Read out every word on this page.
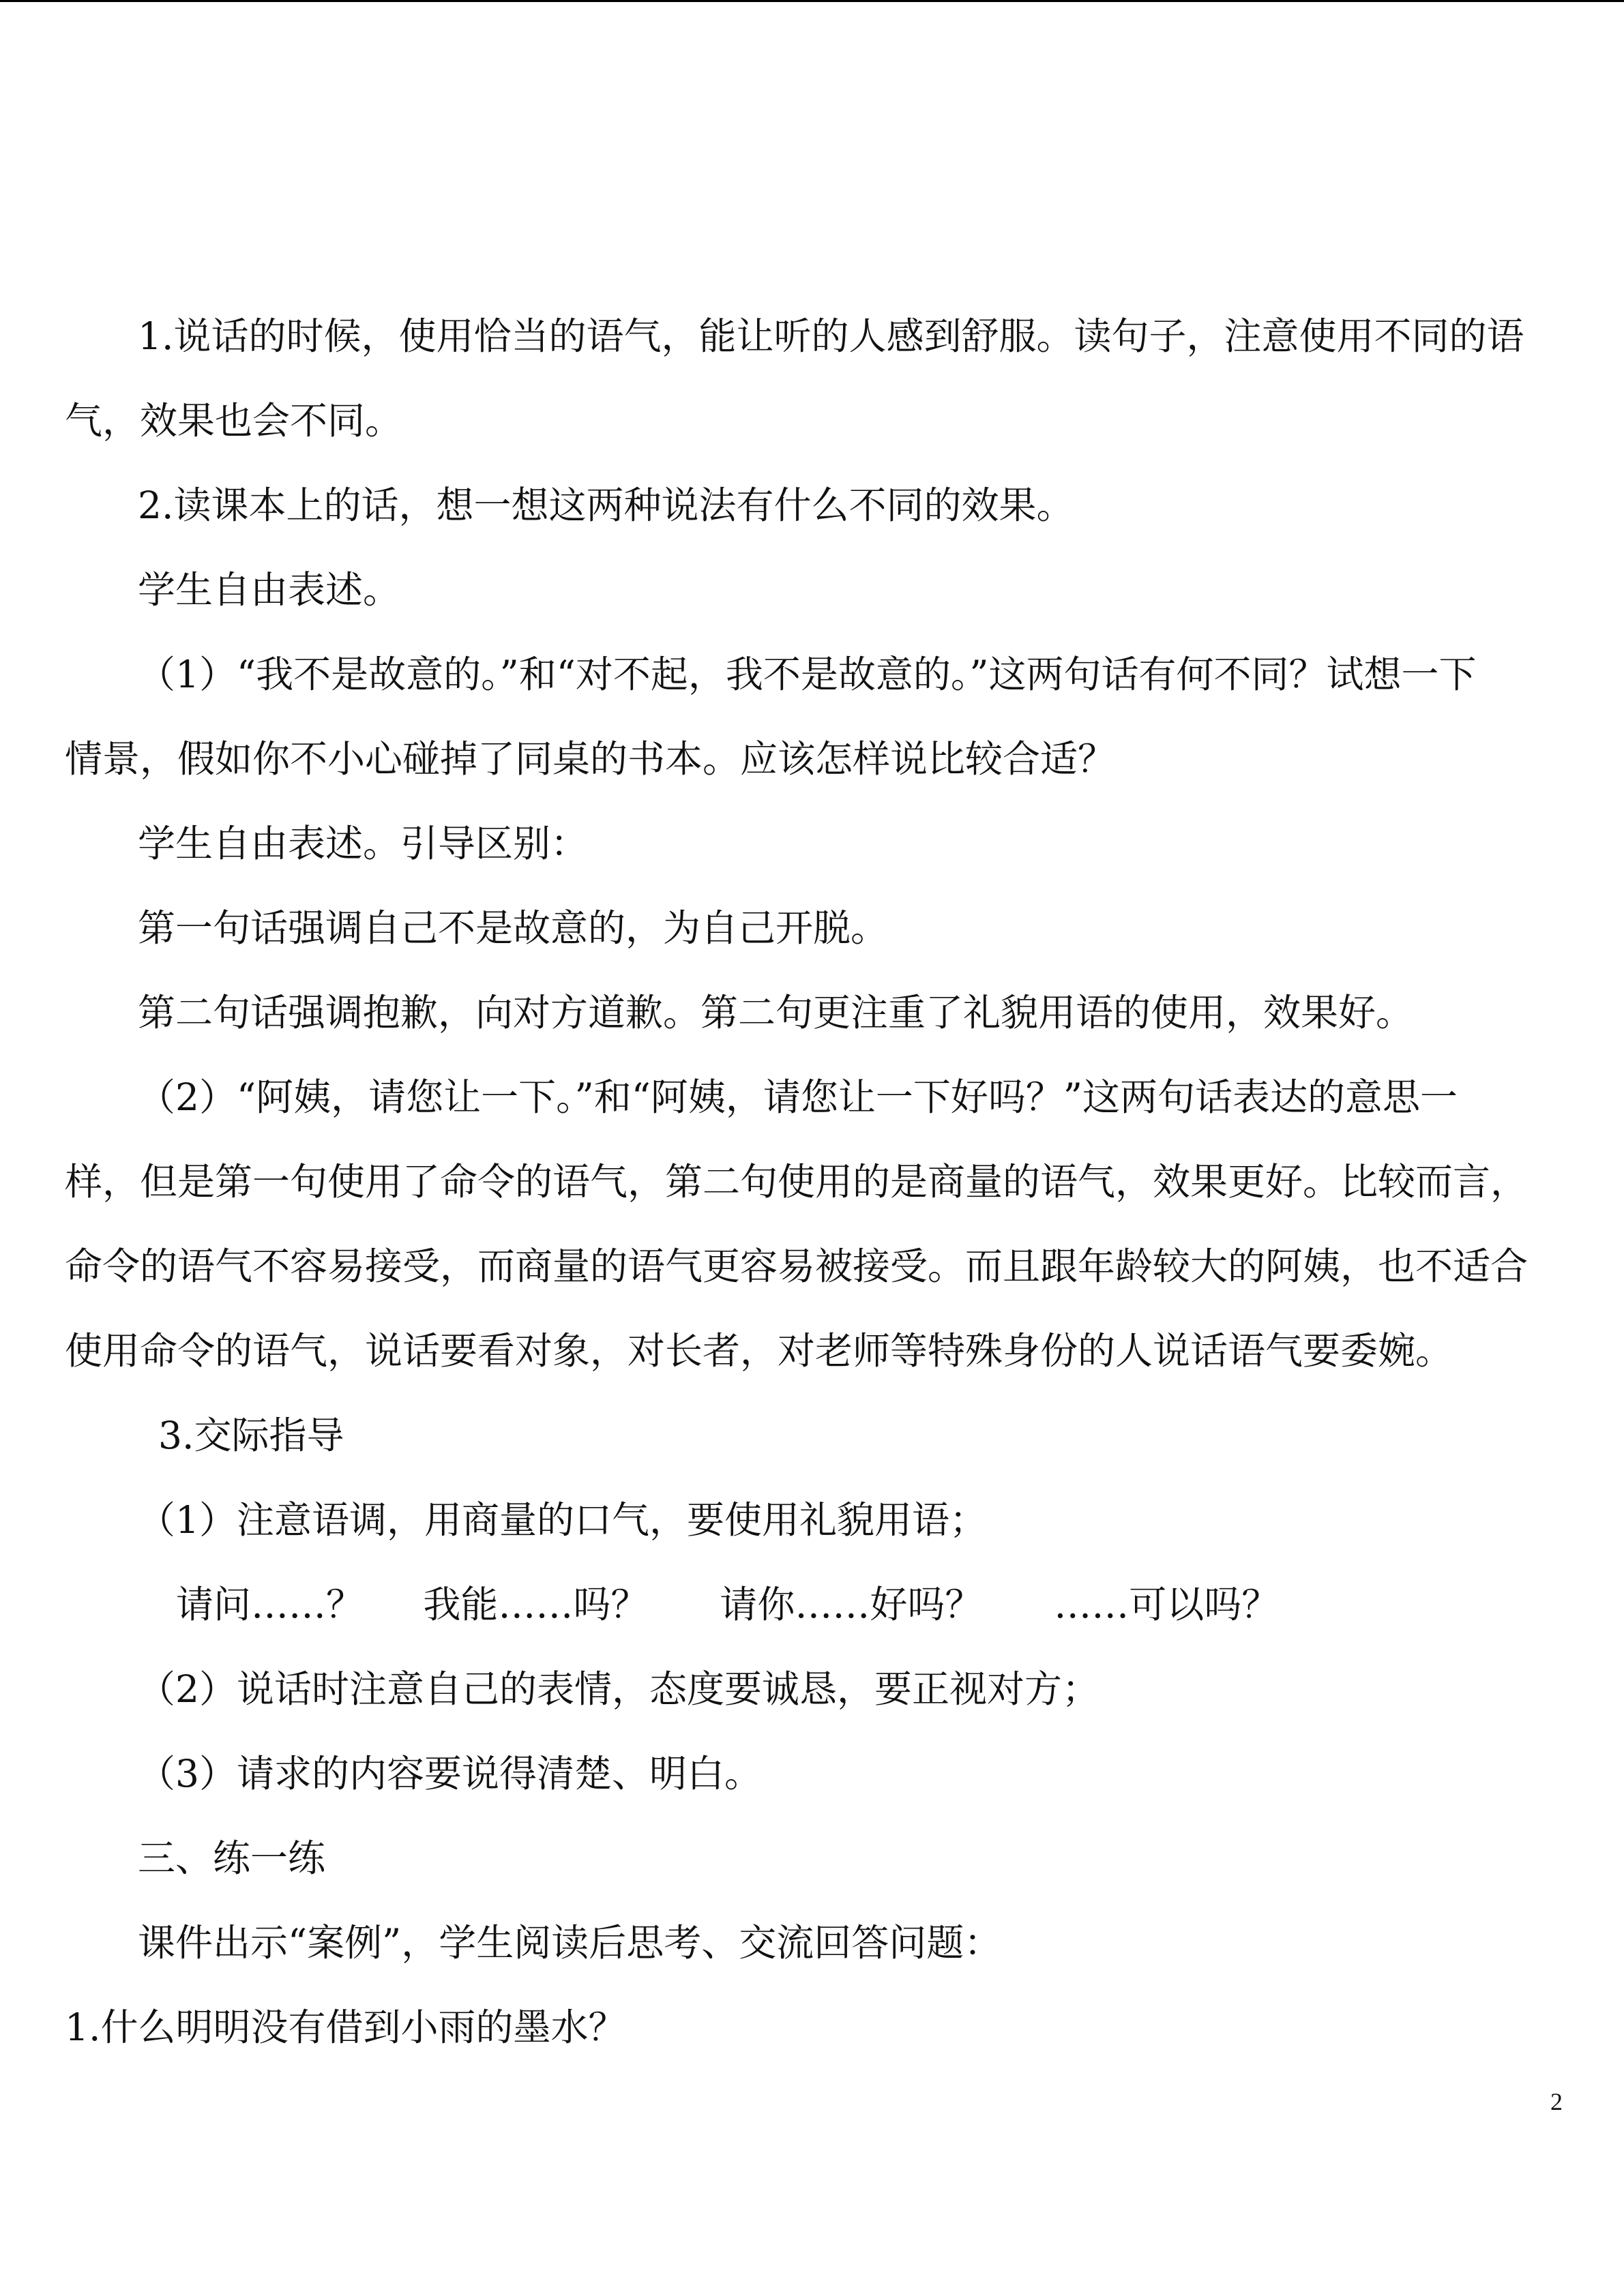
1.说话的时候，使用恰当的语气，能让听的人感到舒服。读句子，注意使用不同的语
气，效果也会不同。
2.读课本上的话，想一想这两种说法有什么不同的效果。
学生自由表述。
（1）“我不是故意的。”和“对不起，我不是故意的。”这两句话有何不同？试想一下
情景，假如你不小心碰掉了同桌的书本。应该怎样说比较合适？
学生自由表述。引导区别：
第一句话强调自己不是故意的，为自己开脱。
第二句话强调抱歉，向对方道歉。第二句更注重了礼貌用语的使用，效果好。
（2）“阿姨，请您让一下。”和“阿姨，请您让一下好吗？”这两句话表达的意思一
样，但是第一句使用了命令的语气，第二句使用的是商量的语气，效果更好。比较而言，
命令的语气不容易接受，而商量的语气更容易被接受。而且跟年龄较大的阿姨，也不适合
使用命令的语气，说话要看对象，对长者，对老师等特殊身份的人说话语气要委婉。
3.交际指导
（1）注意语调，用商量的口气，要使用礼貌用语；
请问……？     我能……吗？      请你……好吗？      ……可以吗？
（2）说话时注意自己的表情，态度要诚恳，要正视对方；
（3）请求的内容要说得清楚、明白。
三、练一练
课件出示“案例”，学生阅读后思考、交流回答问题：
1.什么明明没有借到小雨的墨水？
2
